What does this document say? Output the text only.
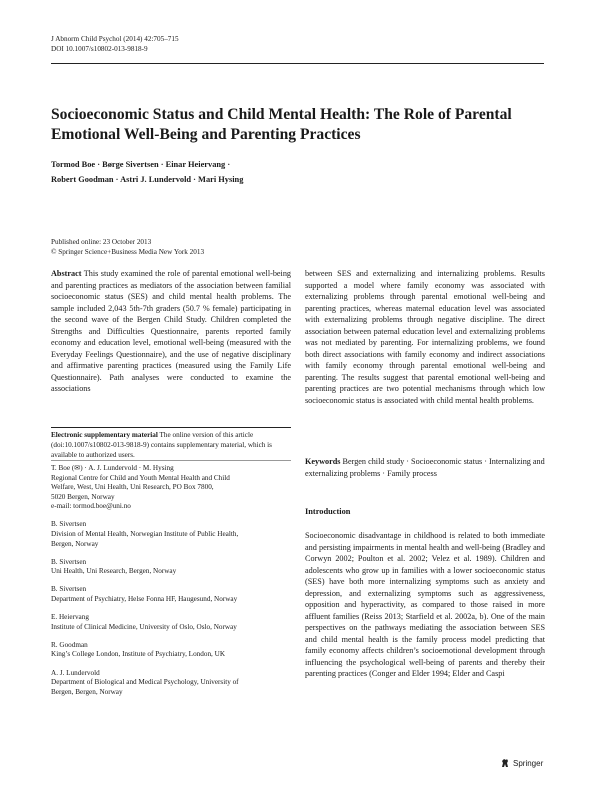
J Abnorm Child Psychol (2014) 42:705–715
DOI 10.1007/s10802-013-9818-9
Socioeconomic Status and Child Mental Health: The Role of Parental Emotional Well-Being and Parenting Practices
Tormod Boe · Børge Sivertsen · Einar Heiervang ·
Robert Goodman · Astri J. Lundervold · Mari Hysing
Published online: 23 October 2013
© Springer Science+Business Media New York 2013
Abstract This study examined the role of parental emotional well-being and parenting practices as mediators of the association between familial socioeconomic status (SES) and child mental health problems. The sample included 2,043 5th-7th graders (50.7 % female) participating in the second wave of the Bergen Child Study. Children completed the Strengths and Difficulties Questionnaire, parents reported family economy and education level, emotional well-being (measured with the Everyday Feelings Questionnaire), and the use of negative disciplinary and affirmative parenting practices (measured using the Family Life Questionnaire). Path analyses were conducted to examine the associations
between SES and externalizing and internalizing problems. Results supported a model where family economy was associated with externalizing problems through parental emotional well-being and parenting practices, whereas maternal education level was associated with externalizing problems through negative discipline. The direct association between paternal education level and externalizing problems was not mediated by parenting. For internalizing problems, we found both direct associations with family economy and indirect associations with family economy through parental emotional well-being and parenting. The results suggest that parental emotional well-being and parenting practices are two potential mechanisms through which low socioeconomic status is associated with child mental health problems.
Electronic supplementary material The online version of this article (doi:10.1007/s10802-013-9818-9) contains supplementary material, which is available to authorized users.
T. Boe (✉) · A. J. Lundervold · M. Hysing
Regional Centre for Child and Youth Mental Health and Child
Welfare, West, Uni Health, Uni Research, PO Box 7800,
5020 Bergen, Norway
e-mail: tormod.boe@uni.no
B. Sivertsen
Division of Mental Health, Norwegian Institute of Public Health,
Bergen, Norway
B. Sivertsen
Uni Health, Uni Research, Bergen, Norway
B. Sivertsen
Department of Psychiatry, Helse Fonna HF, Haugesund, Norway
E. Heiervang
Institute of Clinical Medicine, University of Oslo, Oslo, Norway
R. Goodman
King’s College London, Institute of Psychiatry, London, UK
A. J. Lundervold
Department of Biological and Medical Psychology, University of
Bergen, Bergen, Norway
Keywords Bergen child study · Socioeconomic status · Internalizing and externalizing problems · Family process
Introduction
Socioeconomic disadvantage in childhood is related to both immediate and persisting impairments in mental health and well-being (Bradley and Corwyn 2002; Poulton et al. 2002; Velez et al. 1989). Children and adolescents who grow up in families with a lower socioeconomic status (SES) have both more internalizing symptoms such as anxiety and depression, and externalizing symptoms such as aggressiveness, opposition and hyperactivity, as compared to those raised in more affluent families (Reiss 2013; Starfield et al. 2002a, b). One of the main perspectives on the pathways mediating the association between SES and child mental health is the family process model predicting that family economy affects children’s socioemotional development through influencing the psychological well-being of parents and thereby their parenting practices (Conger and Elder 1994; Elder and Caspi
Springer
